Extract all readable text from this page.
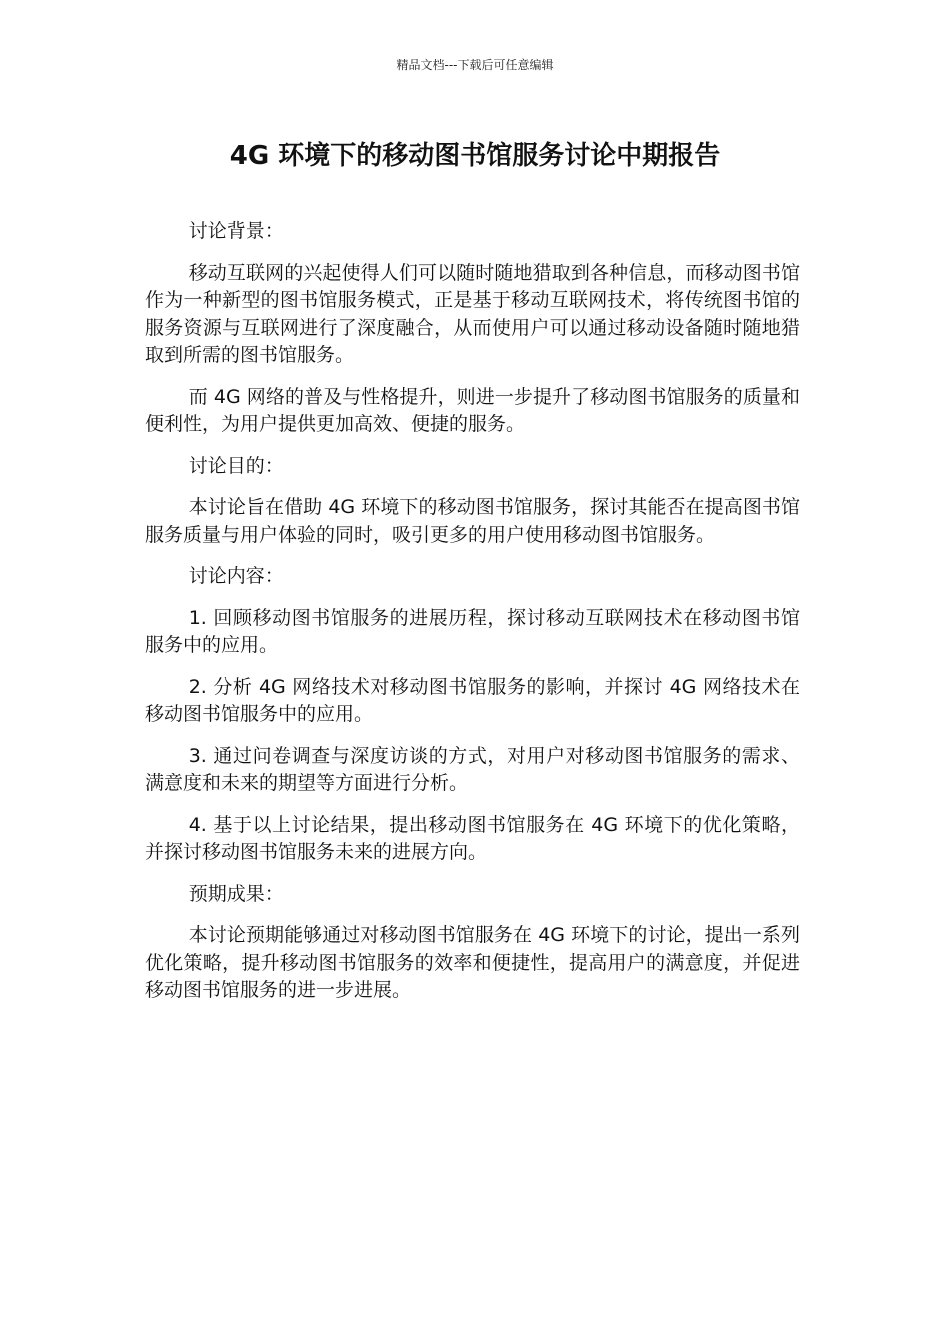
精品文档---下载后可任意编辑
4G 环境下的移动图书馆服务讨论中期报告

讨论背景：

移动互联网的兴起使得人们可以随时随地猎取到各种信息，而移动图书馆作为一种新型的图书馆服务模式，正是基于移动互联网技术，将传统图书馆的服务资源与互联网进行了深度融合，从而使用户可以通过移动设备随时随地猎取到所需的图书馆服务。

而 4G 网络的普及与性格提升，则进一步提升了移动图书馆服务的质量和便利性，为用户提供更加高效、便捷的服务。

讨论目的：

本讨论旨在借助 4G 环境下的移动图书馆服务，探讨其能否在提高图书馆服务质量与用户体验的同时，吸引更多的用户使用移动图书馆服务。

讨论内容：

1. 回顾移动图书馆服务的进展历程，探讨移动互联网技术在移动图书馆服务中的应用。

2. 分析 4G 网络技术对移动图书馆服务的影响，并探讨 4G 网络技术在移动图书馆服务中的应用。

3. 通过问卷调查与深度访谈的方式，对用户对移动图书馆服务的需求、满意度和未来的期望等方面进行分析。

4. 基于以上讨论结果，提出移动图书馆服务在 4G 环境下的优化策略，并探讨移动图书馆服务未来的进展方向。

预期成果：

本讨论预期能够通过对移动图书馆服务在 4G 环境下的讨论，提出一系列优化策略，提升移动图书馆服务的效率和便捷性，提高用户的满意度，并促进移动图书馆服务的进一步进展。
